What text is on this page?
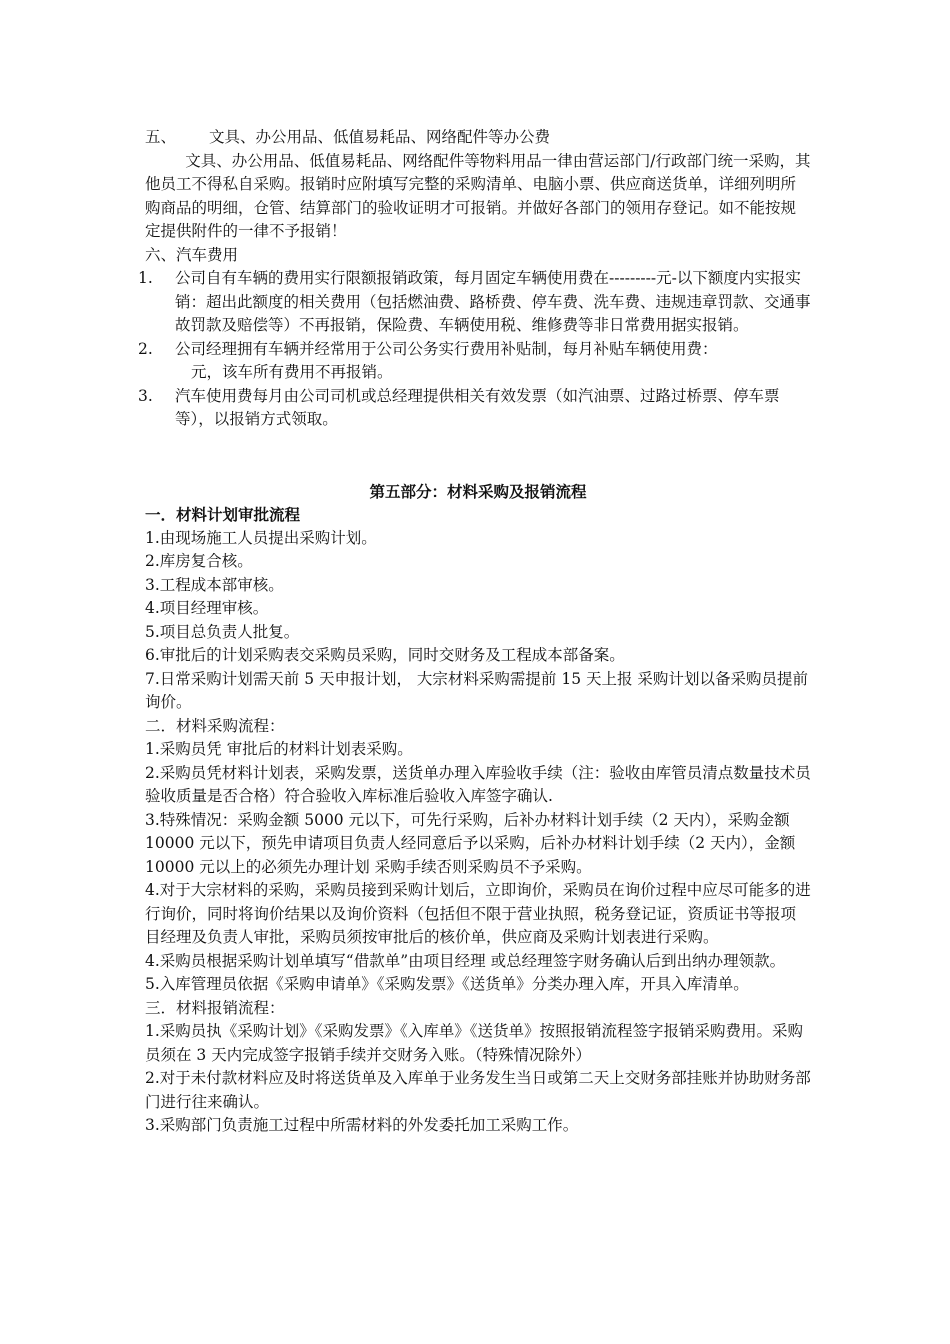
五、 文具、办公用品、低值易耗品、网络配件等办公费

文具、办公用品、低值易耗品、网络配件等物料用品一律由营运部门/行政部门统一采购，其他员工不得私自采购。报销时应附填写完整的采购清单、电脑小票、供应商送货单，详细列明所购商品的明细，仓管、结算部门的验收证明才可报销。并做好各部门的领用存登记。如不能按规定提供附件的一律不予报销！

六、汽车费用

1.	公司自有车辆的费用实行限额报销政策，每月固定车辆使用费在---------元-以下额度内实报实销：超出此额度的相关费用（包括燃油费、路桥费、停车费、洗车费、违规违章罚款、交通事故罚款及赔偿等）不再报销，保险费、车辆使用税、维修费等非日常费用据实报销。
2.	公司经理拥有车辆并经常用于公司公务实行费用补贴制，每月补贴车辆使用费：
元，该车所有费用不再报销。
3.	汽车使用费每月由公司司机或总经理提供相关有效发票（如汽油票、过路过桥票、停车票等），以报销方式领取。

第五部分：材料采购及报销流程

一．材料计划审批流程

1.由现场施工人员提出采购计划。

2.库房复合核。

3.工程成本部审核。

4.项目经理审核。

5.项目总负责人批复。

6.审批后的计划采购表交采购员采购，同时交财务及工程成本部备案。

7.日常采购计划需天前 5 天申报计划， 大宗材料采购需提前 15 天上报 采购计划以备采购员提前询价。

二．材料采购流程：

1.采购员凭 审批后的材料计划表采购。

2.采购员凭材料计划表，采购发票，送货单办理入库验收手续（注：验收由库管员清点数量技术员验收质量是否合格）符合验收入库标准后验收入库签字确认.

3.特殊情况：采购金额 5000 元以下，可先行采购，后补办材料计划手续（2 天内），采购金额 10000 元以下，预先申请项目负责人经同意后予以采购，后补办材料计划手续（2 天内），金额 10000 元以上的必须先办理计划 采购手续否则采购员不予采购。

4.对于大宗材料的采购，采购员接到采购计划后，立即询价，采购员在询价过程中应尽可能多的进行询价，同时将询价结果以及询价资料（包括但不限于营业执照，税务登记证，资质证书等报项目经理及负责人审批，采购员须按审批后的核价单，供应商及采购计划表进行采购。

4.采购员根据采购计划单填写“借款单”由项目经理 或总经理签字财务确认后到出纳办理领款。

5.入库管理员依据《采购申请单》《采购发票》《送货单》分类办理入库，开具入库清单。

三．材料报销流程：

1.采购员执《采购计划》《采购发票》《入库单》《送货单》按照报销流程签字报销采购费用。采购员须在 3 天内完成签字报销手续并交财务入账。（特殊情况除外）

2.对于未付款材料应及时将送货单及入库单于业务发生当日或第二天上交财务部挂账并协助财务部门进行往来确认。

3.采购部门负责施工过程中所需材料的外发委托加工采购工作。
